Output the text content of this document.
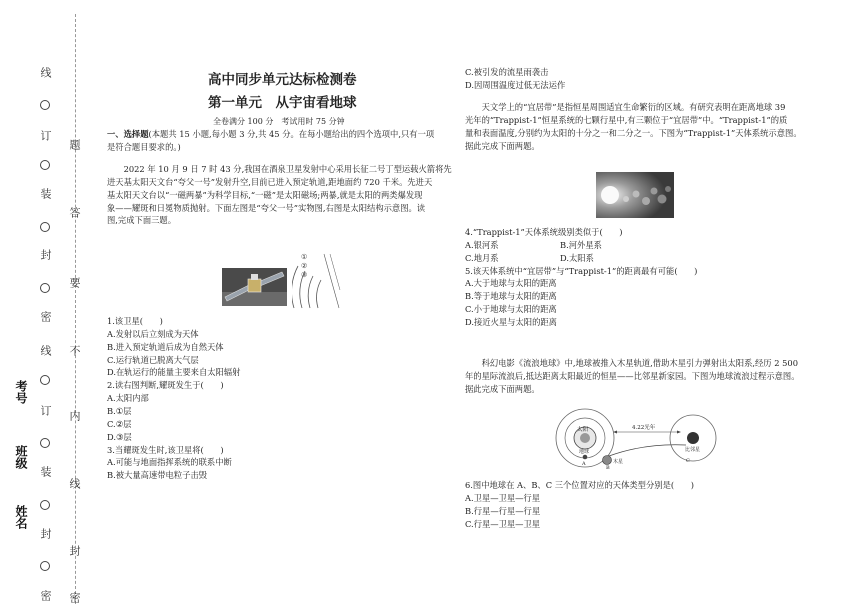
线
订
装
封
密
线
订
装
封
密
考号
班级
姓名
题
答
要
不
内
线
封
密
高中同步单元达标检测卷
第一单元　从宇宙看地球
全卷满分 100 分　考试用时 75 分钟

一、选择题(本题共 15 小题,每小题 3 分,共 45 分。在每小题给出的四个选项中,只有一项

是符合题目要求的。)

2022 年 10 月 9 日 7 时 43 分,我国在酒泉卫星发射中心采用长征二号丁型运载火箭将先

进天基太阳天文台“夸父一号”发射升空,目前已进入预定轨道,距地面约 720 千米。先进天

基太阳天文台以“一磁两暴”为科学目标,“一磁”是太阳磁场;两暴,就是太阳的两类爆发现

象——耀斑和日冕物质抛射。下面左图是“夸父一号”实物图,右图是太阳结构示意图。读

图,完成下面三题。

①
②
③

1.该卫星(　　)

A.发射以后立刻成为天体

B.进入预定轨道后成为自然天体

C.运行轨道已脱离大气层

D.在轨运行的能量主要来自太阳辐射

2.读右图判断,耀斑发生于(　　)

A.太阳内部

B.①层

C.②层

D.③层

3.当耀斑发生时,该卫星将(　　)

A.可能与地面指挥系统的联系中断

B.被大量高速带电粒子击毁

C.被引发的流星雨袭击

D.因周围温度过低无法运作

天文学上的“宜居带”是指恒星周围适宜生命繁衍的区域。有研究表明在距离地球 39

光年的“Trappist-1”恒星系统的七颗行星中,有三颗位于“宜居带”中。“Trappist-1”的质

量和表面温度,分别约为太阳的十分之一和二分之一。下图为“Trappist-1”天体系统示意图。

据此完成下面两题。

4.“Trappist-1”天体系统级别类似于(　　)

A.银河系	B.河外星系

C.地月系	D.太阳系

5.该天体系统中“宜居带”与“Trappist-1”的距离最有可能(　　)

A.大于地球与太阳的距离

B.等于地球与太阳的距离

C.小于地球与太阳的距离

D.接近火星与太阳的距离

科幻电影《流浪地球》中,地球被推入木星轨道,借助木星引力弹射出太阳系,经历 2 500

年的星际流浪后,抵达距离太阳最近的恒星——比邻星新家园。下图为地球流浪过程示意图。

据此完成下面两题。

太阳
地球
A	木星
B
4.22光年
比邻星
C

6.图中地球在 A、B、C 三个位置对应的天体类型分别是(　　)

A.卫星—卫星—行星

B.行星—行星—行星

C.行星—卫星—卫星
